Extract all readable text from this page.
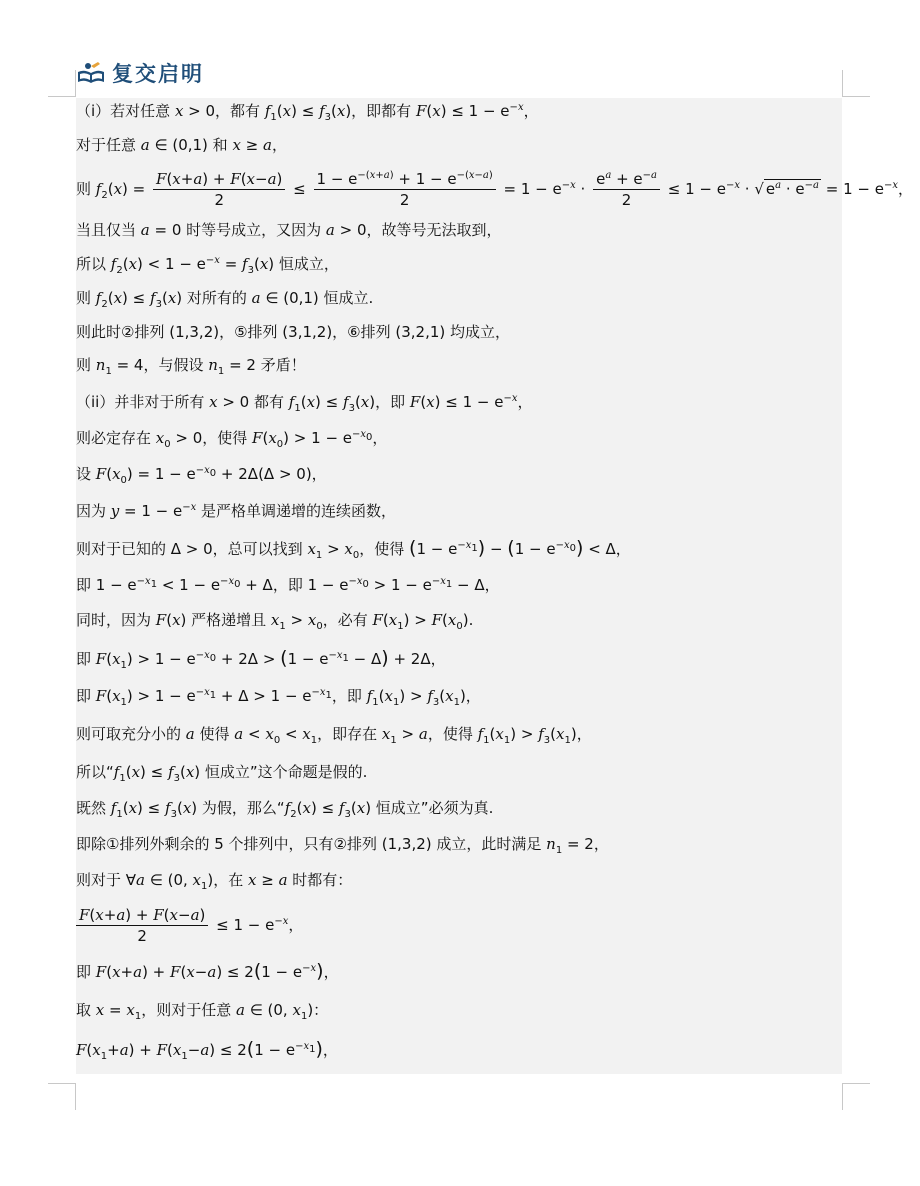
复交启明
（i）若对任意 x > 0，都有 $f_1(x) \le f_3(x)$，即都有 $F(x) \le 1 - e^{-x}$，
对于任意 a ∈ (0,1) 和 x ≥ a，
则 $f_2(x) = \frac{F(x+a) + F(x-a)}{2} \le \frac{1 - e^{-(x+a)} + 1 - e^{-(x-a)}}{2} = 1 - e^{-x} \cdot \frac{e^a + e^{-a}}{2} \le 1 - e^{-x}$ · √ $e^a \cdot e^{-a} = 1 - e^{-x}$，
当且仅当 a = 0 时等号成立，又因为 a > 0，故等号无法取到，
所以 $f_2(x) < 1 - e^{-x} = f_3(x)$ 恒成立，
则 $f_2(x) \le f_3(x)$ 对所有的 a ∈ (0,1) 恒成立.
则此时②排列 (1,3,2)，⑤排列 (3,1,2)，⑥排列 (3,2,1) 均成立，
则 $n_1 = 4$，与假设 $n_1 = 2$ 矛盾！
（ii）并非对于所有 x > 0 都有 $f_1(x) \le f_3(x)$，即 $F(x) \le 1 - e^{-x}$，
则必定存在 $x_0 > 0$，使得 $F(x_0) > 1 - e^{-x_0}$，
设 $F(x_0) = 1 - e^{-x_0} + 2\Delta(\Delta > 0)$，
因为 $y = 1 - e^{-x}$ 是严格单调递增的连续函数，
则对于已知的 Δ > 0，总可以找到 $x_1 > x_0$，使得 $(1 - e^{-x_1}) - (1 - e^{-x_0}) < \Delta$，
即 $1 - e^{-x_1} < 1 - e^{-x_0} + \Delta$，即 $1 - e^{-x_0} > 1 - e^{-x_1} - \Delta$，
同时，因为 F(x) 严格递增且 $x_1 > x_0$，必有 $F(x_1) > F(x_0)$.
即 $F(x_1) > 1 - e^{-x_0} + 2\Delta > (1 - e^{-x_1} - \Delta) + 2\Delta$，
即 $F(x_1) > 1 - e^{-x_1} + \Delta > 1 - e^{-x_1}$，即 $f_1(x_1) > f_3(x_1)$，
则可取充分小的 a 使得 $a < x_0 < x_1$，即存在 $x_1 > a$，使得 $f_1(x_1) > f_3(x_1)$，
所以“$f_1(x) \le f_3(x)$ 恒成立”这个命题是假的.
既然 $f_1(x) \le f_3(x)$ 为假，那么“$f_2(x) \le f_3(x)$ 恒成立”必须为真.
即除①排列外剩余的 5 个排列中，只有②排列 (1,3,2) 成立，此时满足 $n_1 = 2$，
则对于 ∀a ∈ (0, $x_1$)，在 x ≥ a 时都有：
$\frac{F(x+a) + F(x-a)}{2} \le 1 - e^{-x}$，
即 $F(x+a) + F(x-a) \le 2(1 - e^{-x})$，
取 $x = x_1$，则对于任意 a ∈ (0, $x_1$)：
$F(x_1+a) + F(x_1-a) \le 2(1 - e^{-x_1})$，
